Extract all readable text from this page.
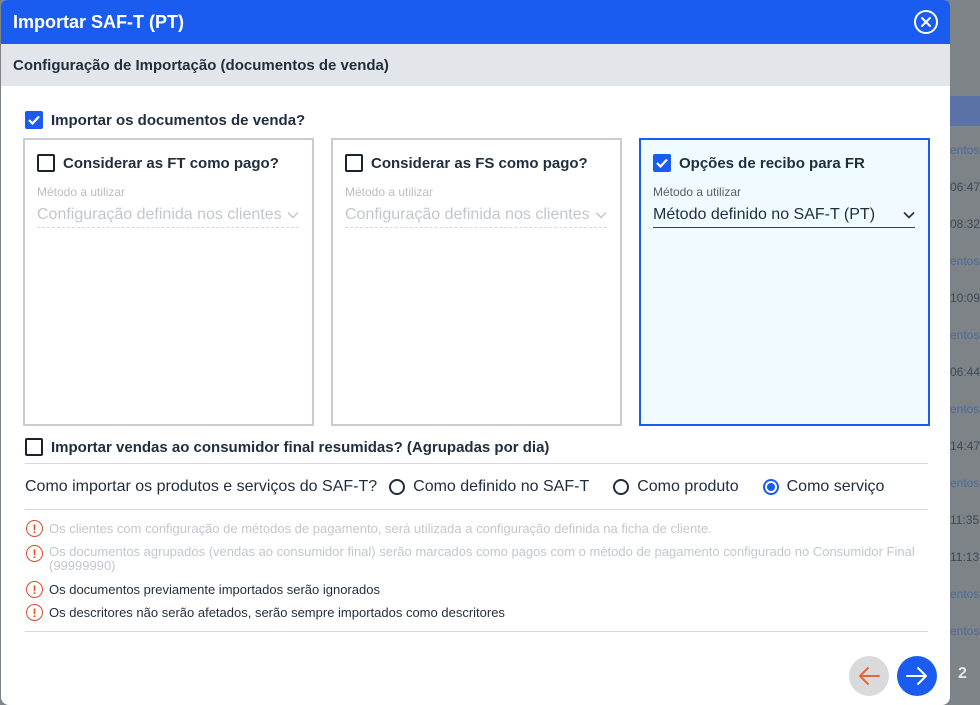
entos
06:47
08:32
entos
10:09
entos
06:44
entos
14:47
entos
11:35
11:13
entos
entos
2
Importar SAF-T (PT)
Configuração de Importação (documentos de venda)
Importar os documentos de venda?
Considerar as FT como pago?
Método a utilizar
Configuração definida nos clientes
Considerar as FS como pago?
Método a utilizar
Configuração definida nos clientes
Opções de recibo para FR
Método a utilizar
Método definido no SAF-T (PT)
Importar vendas ao consumidor final resumidas? (Agrupadas por dia)
Como importar os produtos e serviços do SAF-T? Como definido no SAF-T	Como produto	Como serviço
! Os clientes com configuração de métodos de pagamento, será utilizada a configuração definida na ficha de cliente.
! Os documentos agrupados (vendas ao consumidor final) serão marcados como pagos com o método de pagamento configurado no Consumidor Final (99999990)
! Os documentos previamente importados serão ignorados
! Os descritores não serão afetados, serão sempre importados como descritores
